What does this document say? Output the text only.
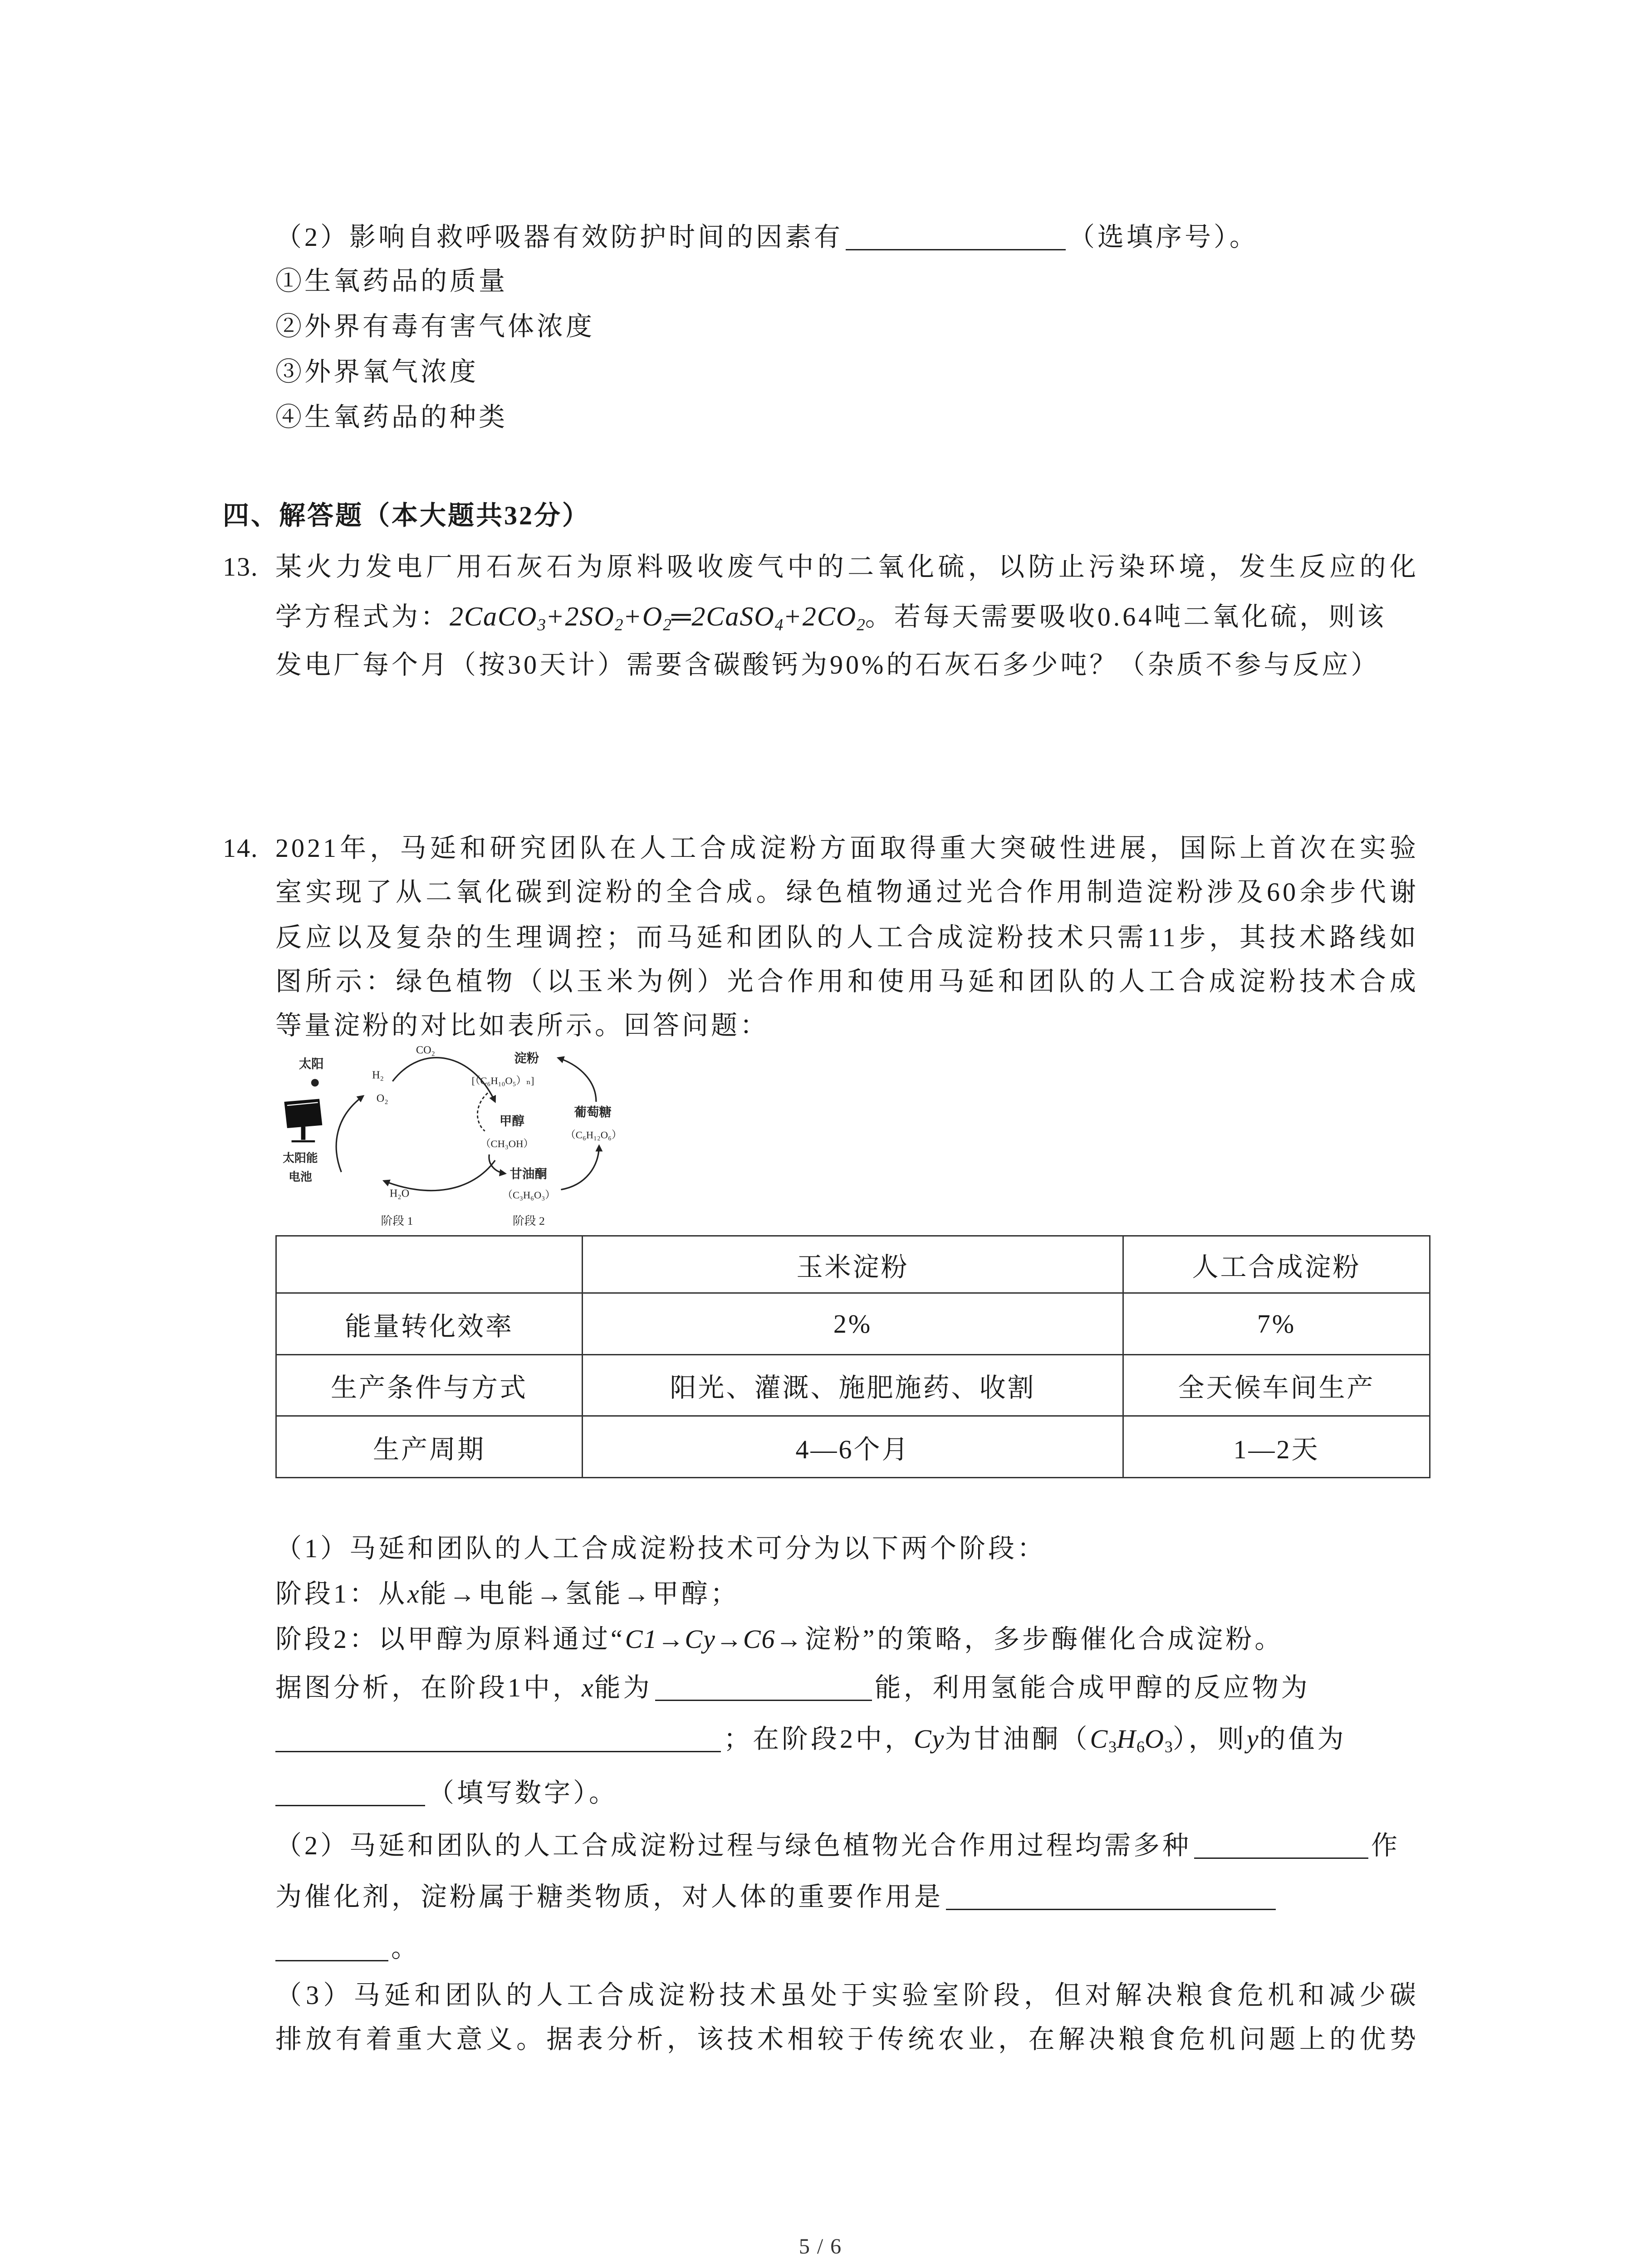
（2）影响自救呼吸器有效防护时间的因素有	（选填序号）。
①生氧药品的质量
②外界有毒有害气体浓度
③外界氧气浓度
④生氧药品的种类
四、解答题（本大题共32分）
13. 某火力发电厂用石灰石为原料吸收废气中的二氧化硫，以防止污染环境，发生反应的化
学方程式为：$2CaCO_3+2SO_2+O_2═2CaSO_4+2CO_2$。若每天需要吸收0.64吨二氧化硫，则该
发电厂每个月（按30天计）需要含碳酸钙为90%的石灰石多少吨？（杂质不参与反应）
14. 2021年，马延和研究团队在人工合成淀粉方面取得重大突破性进展，国际上首次在实验
室实现了从二氧化碳到淀粉的全合成。绿色植物通过光合作用制造淀粉涉及60余步代谢
反应以及复杂的生理调控；而马延和团队的人工合成淀粉技术只需11步，其技术路线如
图所示：绿色植物（以玉米为例）光合作用和使用马延和团队的人工合成淀粉技术合成
等量淀粉的对比如表所示。回答问题：
太阳
太阳能
电池
H₂
O₂
CO₂
H₂O
淀粉
[（C₆H₁₀O₅）ₙ]
葡萄糖
（C₆H₁₂O₆）
甲醇
（CH₃OH）
甘油酮
（C₃H₆O₃）
阶段 1	阶段 2
	玉米淀粉	人工合成淀粉
能量转化效率	2%	7%
生产条件与方式	阳光、灌溉、施肥施药、收割	全天候车间生产
生产周期	4—6个月	1—2天
（1）马延和团队的人工合成淀粉技术可分为以下两个阶段：
阶段1：从x能→电能→氢能→甲醇；
阶段2：以甲醇为原料通过“C1→Cy→C6→淀粉”的策略，多步酶催化合成淀粉。
据图分析，在阶段1中，x能为	能，利用氢能合成甲醇的反应物为
；在阶段2中，Cy为甘油酮$(C_3H_6O_3)$，则y的值为
（填写数字）。
（2）马延和团队的人工合成淀粉过程与绿色植物光合作用过程均需多种	作
为催化剂，淀粉属于糖类物质，对人体的重要作用是
。
（3）马延和团队的人工合成淀粉技术虽处于实验室阶段，但对解决粮食危机和减少碳
排放有着重大意义。据表分析，该技术相较于传统农业，在解决粮食危机问题上的优势
5 / 6
